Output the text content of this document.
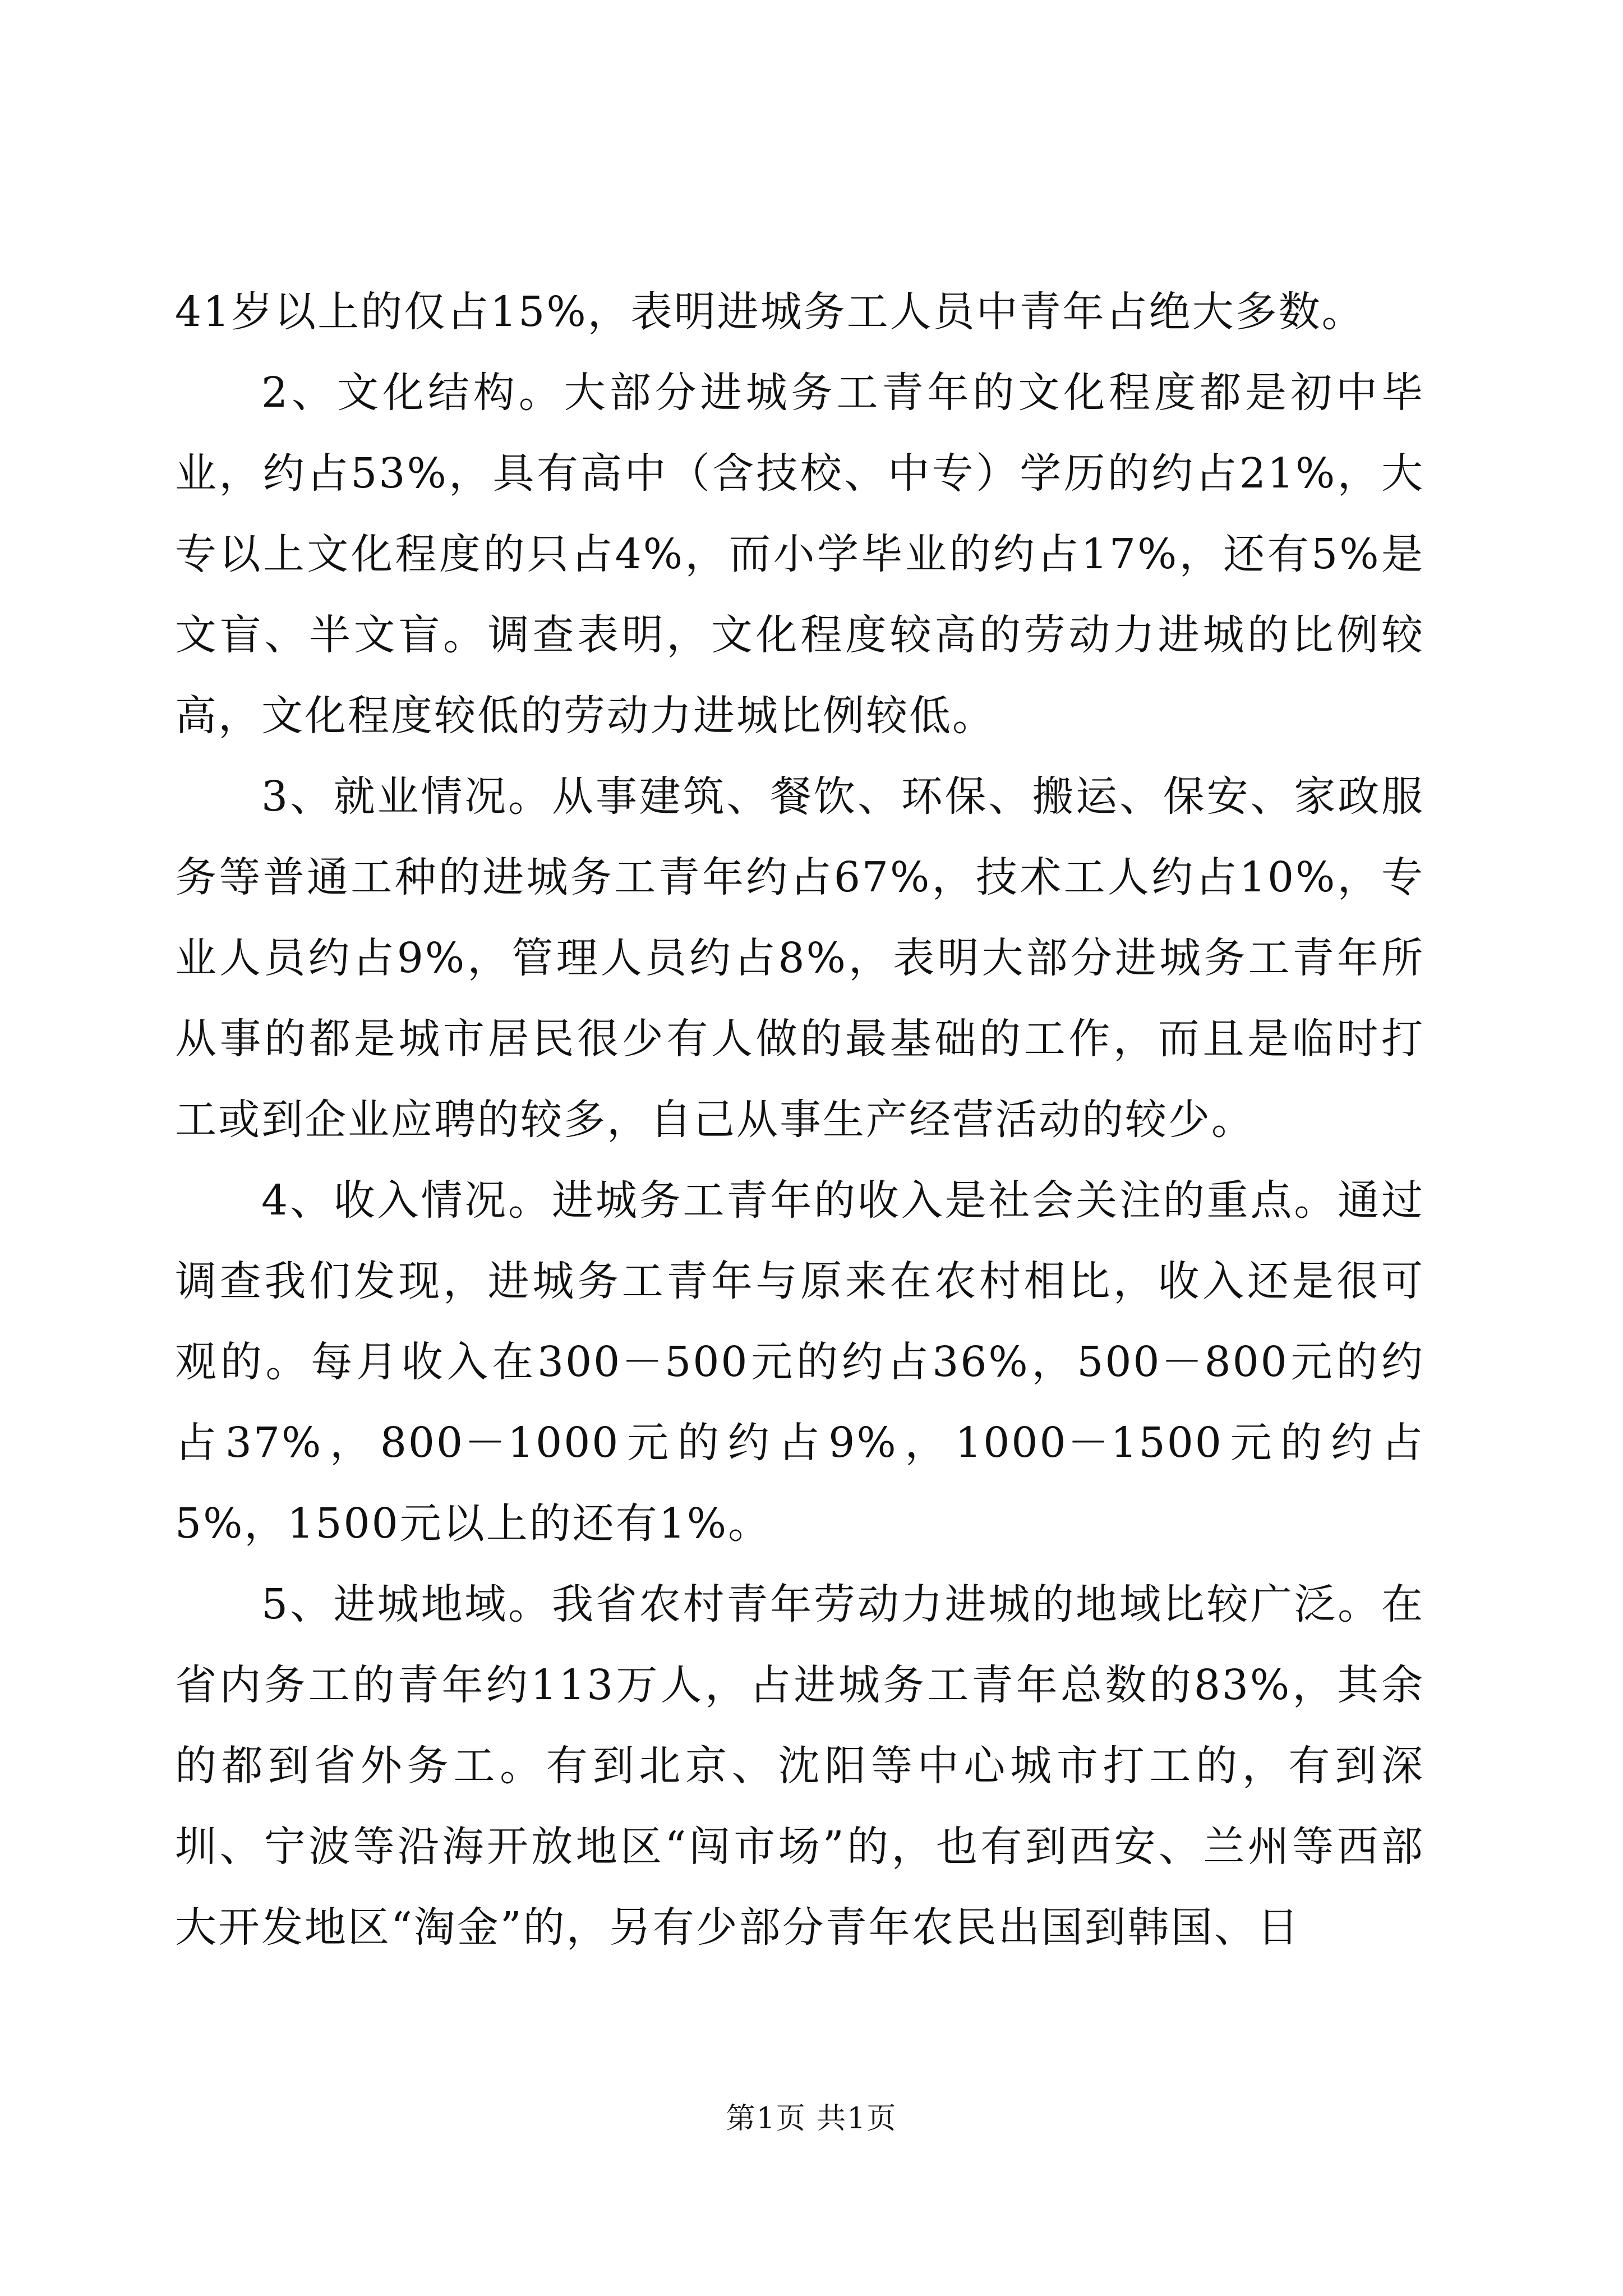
41岁以上的仅占15%，表明进城务工人员中青年占绝大多数。

2、文化结构。大部分进城务工青年的文化程度都是初中毕业，约占53%，具有高中（含技校、中专）学历的约占21%，大专以上文化程度的只占4%，而小学毕业的约占17%，还有5%是文盲、半文盲。调查表明，文化程度较高的劳动力进城的比例较高，文化程度较低的劳动力进城比例较低。

3、就业情况。从事建筑、餐饮、环保、搬运、保安、家政服务等普通工种的进城务工青年约占67%，技术工人约占10%，专业人员约占9%，管理人员约占8%，表明大部分进城务工青年所从事的都是城市居民很少有人做的最基础的工作，而且是临时打工或到企业应聘的较多，自己从事生产经营活动的较少。

4、收入情况。进城务工青年的收入是社会关注的重点。通过调查我们发现，进城务工青年与原来在农村相比，收入还是很可观的。每月收入在300－500元的约占36%，500－800元的约占37%，800－1000元的约占9%，1000－1500元的约占5%，1500元以上的还有1%。

5、进城地域。我省农村青年劳动力进城的地域比较广泛。在省内务工的青年约113万人，占进城务工青年总数的83%，其余的都到省外务工。有到北京、沈阳等中心城市打工的，有到深圳、宁波等沿海开放地区“闯市场”的，也有到西安、兰州等西部大开发地区“淘金”的，另有少部分青年农民出国到韩国、日

第1页 共1页
